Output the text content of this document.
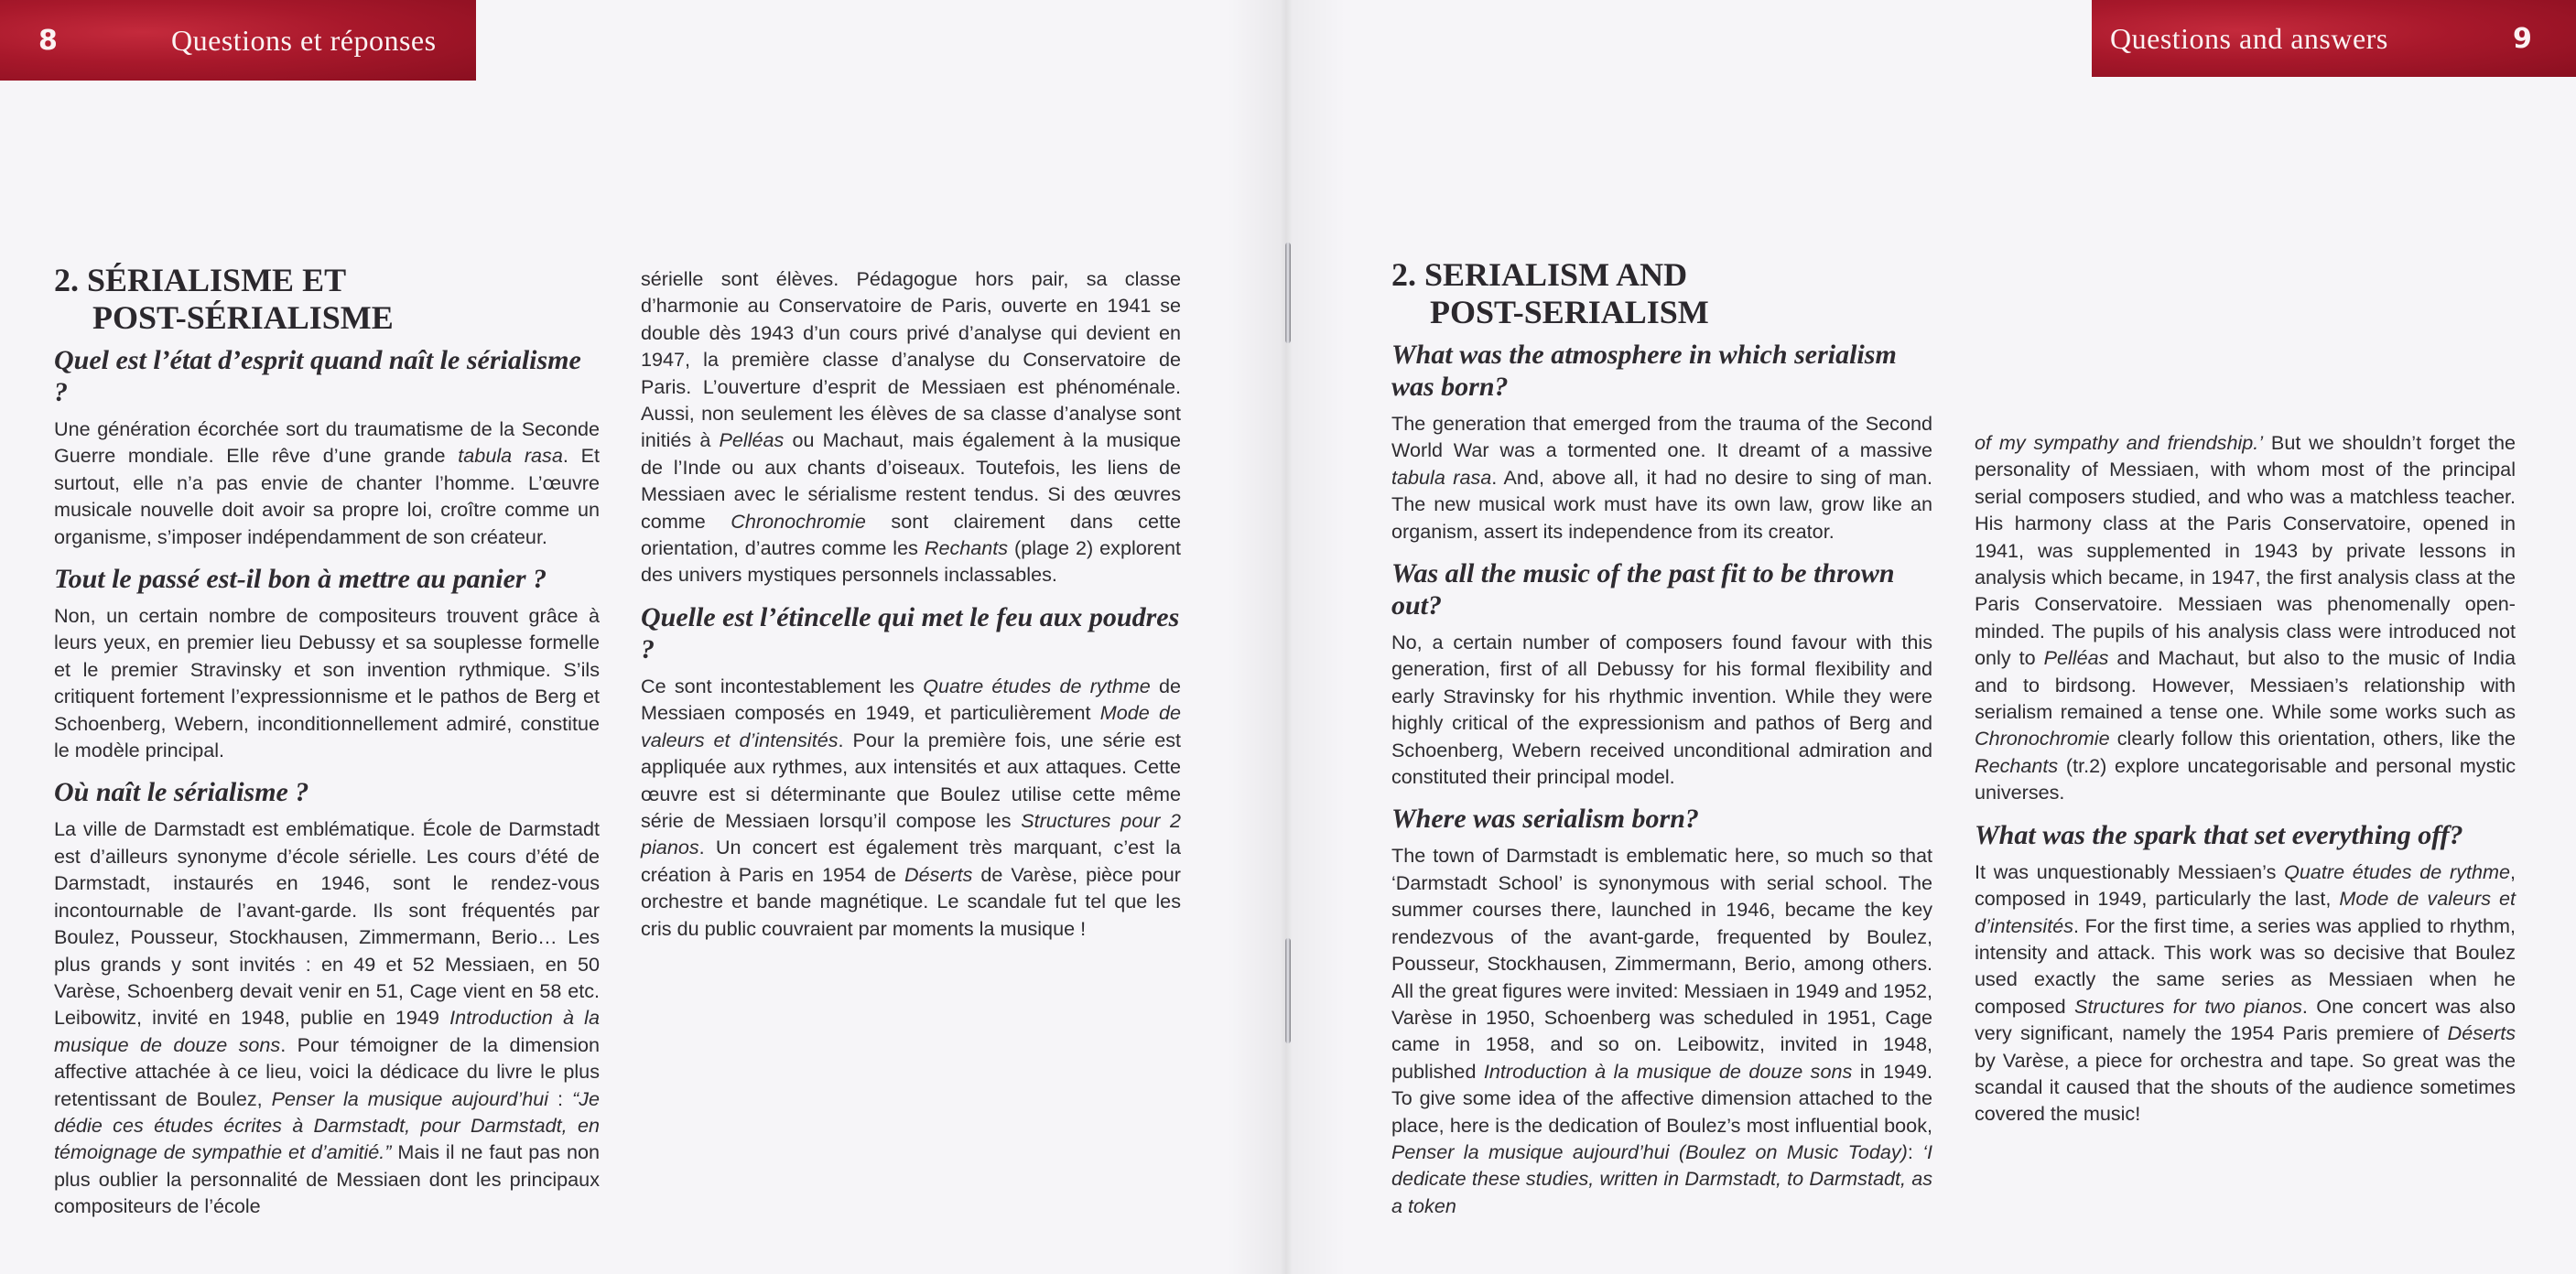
8	Questions et réponses	Questions and answers	9
2. SÉRIALISME ET

POST-SÉRIALISME
Quel est l’état d’esprit quand naît le sérialisme ?

Une génération écorchée sort du traumatisme de la Seconde Guerre mondiale. Elle rêve d’une grande tabula rasa. Et surtout, elle n’a pas envie de chanter l’homme. L’œuvre musicale nouvelle doit avoir sa propre loi, croître comme un organisme, s’imposer indépendamment de son créateur.

Tout le passé est-il bon à mettre au panier ?

Non, un certain nombre de compositeurs trouvent grâce à leurs yeux, en premier lieu Debussy et sa souplesse formelle et le premier Stravinsky et son invention rythmique. S’ils critiquent fortement l’expressionnisme et le pathos de Berg et Schoenberg, Webern, inconditionnellement admiré, constitue le modèle principal.

Où naît le sérialisme ?

La ville de Darmstadt est emblématique. École de Darmstadt est d’ailleurs synonyme d’école sérielle. Les cours d’été de Darmstadt, instaurés en 1946, sont le rendez-vous incontournable de l’avant-garde. Ils sont fréquentés par Boulez, Pousseur, Stockhausen, Zimmermann, Berio… Les plus grands y sont invités : en 49 et 52 Messiaen, en 50 Varèse, Schoenberg devait venir en 51, Cage vient en 58 etc. Leibowitz, invité en 1948, publie en 1949 Introduction à la musique de douze sons. Pour témoigner de la dimension affective attachée à ce lieu, voici la dédicace du livre le plus retentissant de Boulez, Penser la musique aujourd’hui : “Je dédie ces études écrites à Darmstadt, pour Darmstadt, en témoignage de sympathie et d’amitié.” Mais il ne faut pas non plus oublier la personnalité de Messiaen dont les principaux compositeurs de l’école

sérielle sont élèves. Pédagogue hors pair, sa classe d’harmonie au Conservatoire de Paris, ouverte en 1941 se double dès 1943 d’un cours privé d’analyse qui devient en 1947, la première classe d’analyse du Conservatoire de Paris. L’ouverture d’esprit de Messiaen est phénoménale. Aussi, non seulement les élèves de sa classe d’analyse sont initiés à Pelléas ou Machaut, mais également à la musique de l’Inde ou aux chants d’oiseaux. Toutefois, les liens de Messiaen avec le sérialisme restent tendus. Si des œuvres comme Chronochromie sont clairement dans cette orientation, d’autres comme les Rechants (plage 2) explorent des univers mystiques personnels inclassables.

Quelle est l’étincelle qui met le feu aux poudres ?

Ce sont incontestablement les Quatre études de rythme de Messiaen composés en 1949, et particulièrement Mode de valeurs et d’intensités. Pour la première fois, une série est appliquée aux rythmes, aux intensités et aux attaques. Cette œuvre est si déterminante que Boulez utilise cette même série de Messiaen lorsqu’il compose les Structures pour 2 pianos. Un concert est également très marquant, c’est la création à Paris en 1954 de Déserts de Varèse, pièce pour orchestre et bande magnétique. Le scandale fut tel que les cris du public couvraient par moments la musique !

2. SERIALISM AND

POST-SERIALISM
What was the atmosphere in which serialism was born?

The generation that emerged from the trauma of the Second World War was a tormented one. It dreamt of a massive tabula rasa. And, above all, it had no desire to sing of man. The new musical work must have its own law, grow like an organism, assert its independence from its creator.

Was all the music of the past fit to be thrown out?

No, a certain number of composers found favour with this generation, first of all Debussy for his formal flexibility and early Stravinsky for his rhythmic invention. While they were highly critical of the expressionism and pathos of Berg and Schoenberg, Webern received unconditional admiration and constituted their principal model.

Where was serialism born?

The town of Darmstadt is emblematic here, so much so that ‘Darmstadt School’ is synonymous with serial school. The summer courses there, launched in 1946, became the key rendezvous of the avant-garde, frequented by Boulez, Pousseur, Stockhausen, Zimmermann, Berio, among others. All the great figures were invited: Messiaen in 1949 and 1952, Varèse in 1950, Schoenberg was scheduled in 1951, Cage came in 1958, and so on. Leibowitz, invited in 1948, published Introduction à la musique de douze sons in 1949. To give some idea of the affective dimension attached to the place, here is the dedication of Boulez’s most influential book, Penser la musique aujourd’hui (Boulez on Music Today): ‘I dedicate these studies, written in Darmstadt, to Darmstadt, as a token

of my sympathy and friendship.’ But we shouldn’t forget the personality of Messiaen, with whom most of the principal serial composers studied, and who was a matchless teacher. His harmony class at the Paris Conservatoire, opened in 1941, was supplemented in 1943 by private lessons in analysis which became, in 1947, the first analysis class at the Paris Conservatoire. Messiaen was phenomenally open-minded. The pupils of his analysis class were introduced not only to Pelléas and Machaut, but also to the music of India and to birdsong. However, Messiaen’s relationship with serialism remained a tense one. While some works such as Chronochromie clearly follow this orientation, others, like the Rechants (tr.2) explore uncategorisable and personal mystic universes.

What was the spark that set everything off?

It was unquestionably Messiaen’s Quatre études de rythme, composed in 1949, particularly the last, Mode de valeurs et d’intensités. For the first time, a series was applied to rhythm, intensity and attack. This work was so decisive that Boulez used exactly the same series as Messiaen when he composed Structures for two pianos. One concert was also very significant, namely the 1954 Paris premiere of Déserts by Varèse, a piece for orchestra and tape. So great was the scandal it caused that the shouts of the audience sometimes covered the music!
